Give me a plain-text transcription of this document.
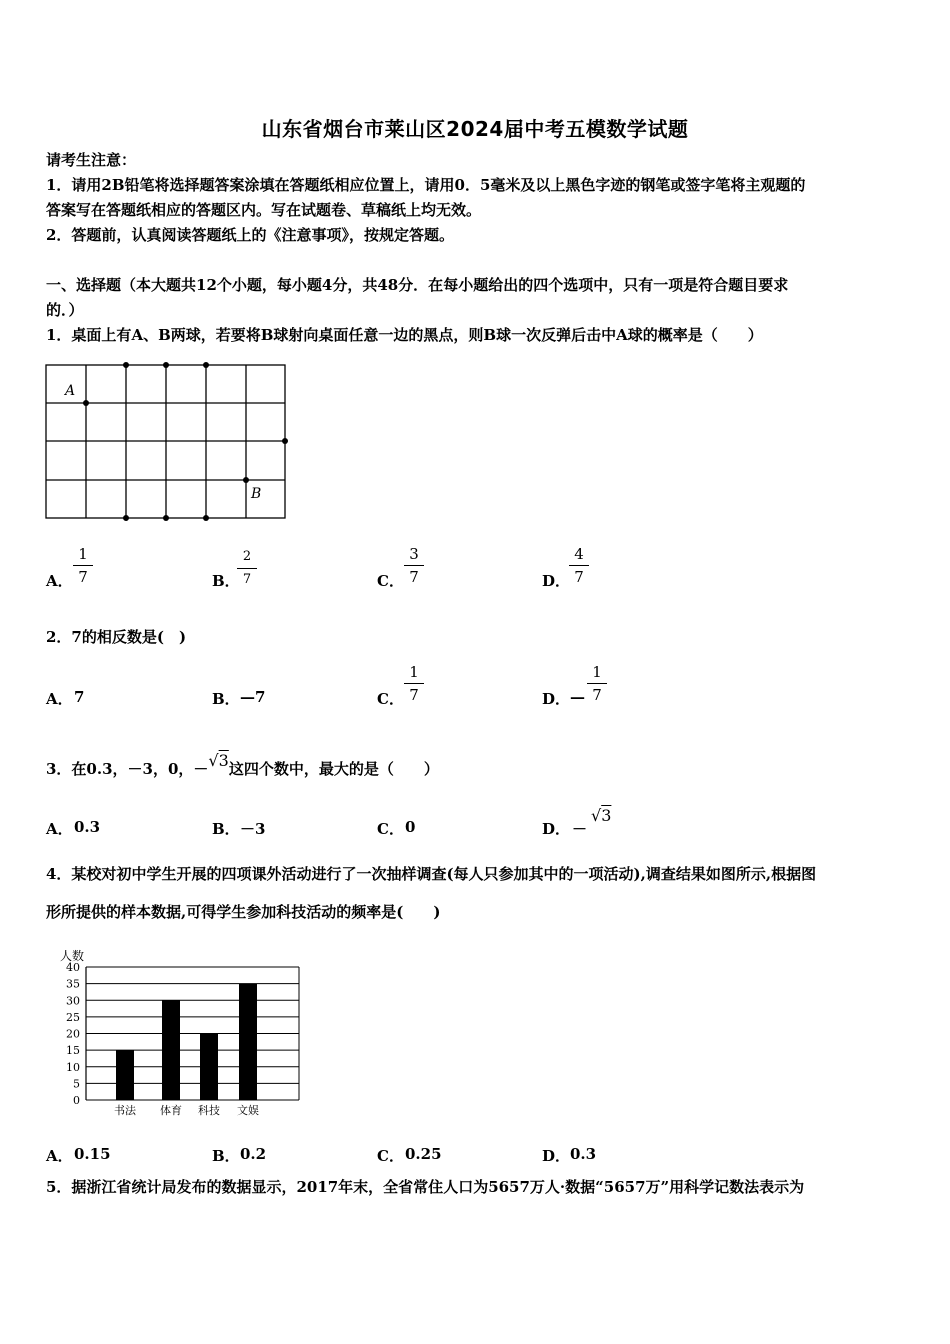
山东省烟台市莱山区2024届中考五模数学试题
请考生注意：
1．请用2B铅笔将选择题答案涂填在答题纸相应位置上，请用0．5毫米及以上黑色字迹的钢笔或签字笔将主观题的
答案写在答题纸相应的答题区内。写在试题卷、草稿纸上均无效。
2．答题前，认真阅读答题纸上的《注意事项》，按规定答题。
一、选择题（本大题共12个小题，每小题4分，共48分．在每小题给出的四个选项中，只有一项是符合题目要求
的．）
1．桌面上有A、B两球，若要将B球射向桌面任意一边的黑点，则B球一次反弹后击中A球的概率是（　　）
A
B
A．
1
7	B．
2
7	C．
3
7	D．
4
7
2．7的相反数是(　)
A． 7	B． —7	C．
1
7	D． —
1
7
3．在0.3，－3，0，－√3这四个数中，最大的是（　　）
A． 0.3	B． －3	C． 0	D． －
√3
4．某校对初中学生开展的四项课外活动进行了一次抽样调查(每人只参加其中的一项活动),调查结果如图所示,根据图
形所提供的样本数据,可得学生参加科技活动的频率是(　　)
人数
0
5
10
15
20
25
30
35
40
书法 体育 科技 文娱
A． 0.15	B． 0.2	C． 0.25	D． 0.3
5．据浙江省统计局发布的数据显示，2017年末，全省常住人口为5657万人·数据“5657万”用科学记数法表示为
